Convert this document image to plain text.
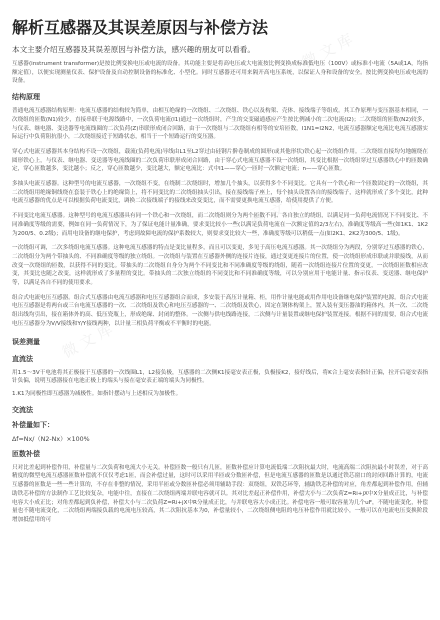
解析互感器及其误差原因与补偿方法
本文主要介绍互感器及其误差原因与补偿方法，感兴趣的朋友可以看看。

互感器(instrument transformer)是按比例变换电压或电流的设备。其功能主要是将高电压或大电流按比例变换成标准低电压（100V）或标准小电流（5A或1A，均指额定值），以便实现测量仪表、保护设备及自动控制设备的标准化、小型化。同时互感器还可用来隔开高电压系统，以保证人身和设备的安全。按比例变换电压或电流的设备。

结构原理

普通电流互感器结构原理：电流互感器的结构较为简单，由相互绝缘的一次绕组、二次绕组、铁心以及构架、壳体、接线端子等组成。其工作原理与变压器基本相同，一次绕组的匝数(N1)较少，直接串联于电源线路中，一次负荷电流(I1)通过一次绕组时，产生的交变磁通感应产生按比例减小的二次电流(I2)；二次绕组的匝数(N2)较多，与仪表、继电器、变送器等电流线圈的二次负荷(Z)串联形成闭合回路，由于一次绕组与二次绕组有相等的安培匝数，I1N1=I2N2，电流互感器额定电流比电流互感器实际运行中负荷阻抗很小，二次绕组接近于短路状态，相当于一个短路运行的变压器。

穿心式电流互感器其本身结构不设一次绕组，载流(负荷电流)导线由L1至L2穿过由硅钢片擀卷制成的圆形(或其他形状)铁心起一次绕组作用。二次绕组直接均匀地缠绕在圆形铁心上，与仪表、继电器、变送器等电流线圈的二次负荷串联形成闭合回路，由于穿心式电流互感器不设一次绕组，其变比根据一次绕组穿过互感器铁心中的匝数确定，穿心匝数越多，变比越小；反之，穿心匝数越少，变比越大，额定电流比：式中I1——穿心一匝时一次额定电流；n——穿心匝数。

多抽头电流互感器。这种型号的电流互感器，一次绕组不变，在绕制二次绕组时，增加几个抽头，以获得多个不同变比。它具有一个铁心和一个匝数固定的一次绕组，其二次绕组用绝缘铜线绕在套装于铁心上的绝缘筒上，将不同变比的二次绕组抽头引出，接在接线端子座上，每个抽头设置各自的接线端子，这样就形成了多个变比，此种电流互感器的优点是可以根据负荷电流变比，调换二次接线端子的接线来改变变比，而不需要更换电流互感器，给使用提供了方便。

不同变比电流互感器。这种型号的电流互感器具有同一个铁心和一次绕组，而二次绕组则分为两个匝数不同、各自独立的绕组，以满足同一负荷电流情况下不同变比、不同准确度等级的需要，例如在同一负荷情况下，为了保证电能计量准确，要求变比较小一些(以满足负荷电流在一次额定值的2/3左右)，准确度等级高一些(如1K1、1K2为200/5、0.2级)；而用电设备的继电保护，考虑到故障电流的保护系数较大，则要求变比较大一些，准确度等级可以稍低一点(如2K1、2K2为300/5、1级)。

一次绕组可调，二次多绕组电流互感器。这种电流互感器的特点是变比量程多，而且可以变更，多见于高压电流互感器。其一次绕组分为两段，分别穿过互感器的铁心，二次绕组分为两个带抽头的、不同准确度等级的独立绕组。一次绕组与装置在互感器外侧的连接片连接，通过变更连接片的位置，使一次绕组形成串联或并联接线，从而改变一次绕组的匝数，以获得不同的变比。带抽头的二次绕组自身分为两个不同变比和不同准确度等级的绕组，随着一次绕组连接片位置的变更，一次绕组匝数相应改变，其变比也随之改变，这样就形成了多量程的变比。带抽头的二次独立绕组的不同变比和不同准确度等级，可以分别应用于电能计量、指示仪表、变送器、继电保护等，以满足各自不同的使用要求。

组合式电流电压互感器。组合式互感器由电流互感器和电压互感器组合而成，多安装于高压计量箱、柜，用作计量电能或用作用电设备继电保护装置的电源。组合式电流电压互感器是将两台或三台电流互感器的一次、二次绕组及铁心和电压互感器的一、二次绕组及铁心，固定在钢体构架上，置入装有变压器油的箱体内，其一次、二次绕组出线均引出，接在箱体外的高、低压瓷瓶上，形成绝缘、封闭的整体。一次侧与供电线路连接，二次侧与计量装置或继电保护装置连接。根据不同的需要，组合式电流电压互感器分为V/V接线和Y/Y接线两种，以计量三相负荷平衡或不平衡时的电能。

误差测量
直流法

用1.5～3V干电池将其正极接于互感器的一次线圈L1，L2接负极，互感器的二次侧K1接毫安表正极，负极接K2，接好线后，将K合上毫安表指针正偏，拉开后毫安表指针负偏，说明互感器接在电池正极上的端头与接在毫安表正端的端头为同极性。

1.K1为同极性即互感器为减极性。如指针摆动与上述相反为加极性。

交流法
补偿量如下：
Δf=Nx/（N2-Nx）×100%
匝数补偿

只对比差起到补偿作用，补偿量与二次负荷和电流大小无关。补偿匝数一般只有几匝，匝数补偿应计算电流低端二次阻抗最大时，电流高端二次阻抗最小时误差，对于高精度的微型电流互感器匝数补偿就不仅仅考虑1匝，而会补偿过量，这时可以采用半匝或分数匝补偿，但是电流互感器的匝数是以通过铁芯窗口的封闭回路计算的，电流互感器的匝数是一些一些计算的，不存在非整的情况，采用半匝或分数匝补偿必须用辅助手段：双绕组，双铁芯环等，辅助铁芯补偿的对应，角差都起到补偿作用，但辅助铁芯补偿的方法制作工艺比较复杂，电能中往，直接在二次绕组两端并联电容就可以。其对比差起正补偿作用，补偿大小与二次负荷Z=Ri+jX中X分量成正比，与补偿电容大小成正比；对角差都起到负补偿，补偿大小与二次负荷Z=Ri+jX中R分量成正比，与并联电容大小成正比。补偿电容一般可取容量为几个uF，不随电流变化，补偿量也不随电流变化，二次绕组两端接负载的电流电压较高，其二次阻抗基本为0，补偿量较小，二次绕组侧电阻的电压补偿作用就比较小，一般可以在电流电压变换阶段增加抵偿用的可

微 文 库
微 文 库
微 文 库
微 文 库
